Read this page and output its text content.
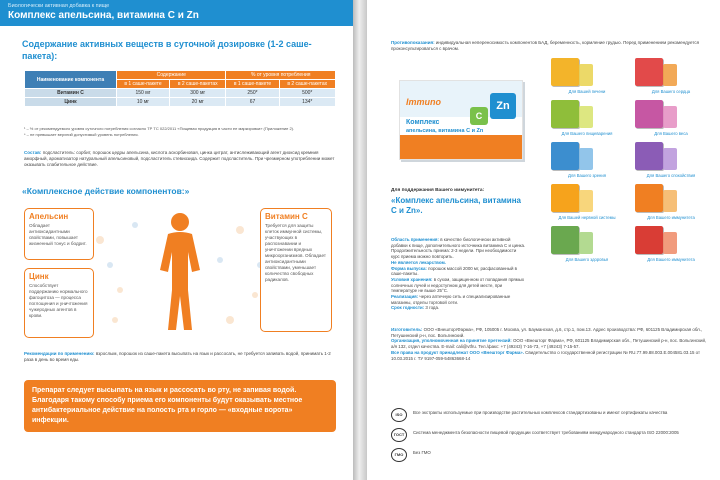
Биологически активная добавка к пище
Комплекс апельсина, витамина С и Zn
Содержание активных веществ в суточной дозировке (1-2 саше-пакета):
Наименование компонента	Содержание		% от уровня потребления	
	в 1 саше-пакете	в 2 саше-пакетах	в 1 саше-пакете	в 2 саше-пакетах
Витамин С	150 мг	300 мг	250*	500*
Цинк	10 мг	20 мг	67	134*
¹ – % от рекомендуемого уровня суточного потребления согласно ТР ТС 022/2011 «Пищевая продукция в части ее маркировки» (Приложение 2).
* – не превышает верхний допустимый уровень потребления.
Состав: подсластитель: сорбит, порошок цедры апельсина, кислота аскорбиновая, цинка цитрат, антислеживающий агент диоксид кремния аморфный, ароматизатор натуральный апельсиновый, подсластитель стевиозида. Содержит подсластитель. При чрезмерном употреблении может оказывать слабительное действие.
«Комплексное действие компонентов:»
Апельсин
Обладает антиоксидантными свойствами, повышает жизненный тонус и бодрит.
Цинк
Способствует поддержанию нормального фагоцитоза — процесса поглощения и уничтожения чужеродных агентов в крови.
Витамин С
Требуется для защиты клеток иммунной системы, участвующих в распознавании и уничтожении вредных микроорганизмов. Обладает антиоксидантными свойствами, уменьшает количество свободных радикалов.
Рекомендации по применению: взрослым, порошок из саше-пакета высыпать на язык и рассосать, не требуется запивать водой, принимать 1-2 раза в день во время еды.
Препарат следует высыпать на язык и рассосать во рту, не запивая водой. Благодаря такому способу приема его компоненты будут оказывать местное антибактериальное действие на полость рта и горло — «входные ворота» инфекции.
Противопоказания: индивидуальная непереносимость компонентов БАД, беременность, кормление грудью. Перед применением рекомендуется проконсультироваться с врачом.
Immuno
Комплекс
апельсина, витамина С и Zn
Zn
C
Для поддержания Вашего иммунитета:
«Комплекс апельсина, витамина С и Zn».
Для Вашей печени	Для Вашего сердца
Для Вашего пищеварения	Для Вашего веса
Для Вашего зрения	Для Вашего спокойствия
Для Вашей нервной системы	Для Вашего иммунитета
Для Вашего здоровья	Для Вашего иммунитета
Область применения: в качестве биологически активной добавки к пище, дополнительного источника витамина С и цинка. Продолжительность приема: 2-3 недели. При необходимости курс приема можно повторить.
Не является лекарством.
Форма выпуска: порошок массой 2000 мг, расфасованный в саше-пакеты.
Условия хранения: в сухом, защищенном от попадания прямых солнечных лучей и недоступном для детей месте, при температуре не выше 25°С.
Реализация: через аптечную сеть и специализированные магазины, отделы торговой сети.
Срок годности: 3 года.
Изготовитель: ООО «ВнешторгФарма», РФ, 105005 г. Москва, ул. Бауманская, д.6, стр.1, пом.13. Адрес производства: РФ, 601125 Владимирская обл., Петушинский р-н, пос. Вольгинский.
Организация, уполномоченная на принятие претензий: ООО «Внешторг Фарма», РФ, 601125 Владимирская обл., Петушинский р-н, пос. Вольгинский, а/я 132, отдел качества. E-mail: cali@vtfru. Тел./факс: +7 (49243) 7-16-73, +7 (49243) 7-15-57.
Все права на продукт принадлежат ООО «Внешторг Фарма». Свидетельство о государственной регистрации № RU.77.99.88.003.Е.004581.03.15 от 10.03.2015 г. ТУ 9197-059-54863668-14
ISO	Все экстракты используемые при производстве растительных комплексов стандартизованы и имеют сертификаты качества
ГОСТ	Система менеджмента безопасности пищевой продукции соответствует требованиям международного стандарта ISO 22000:2005
ГМО	Без ГМО
